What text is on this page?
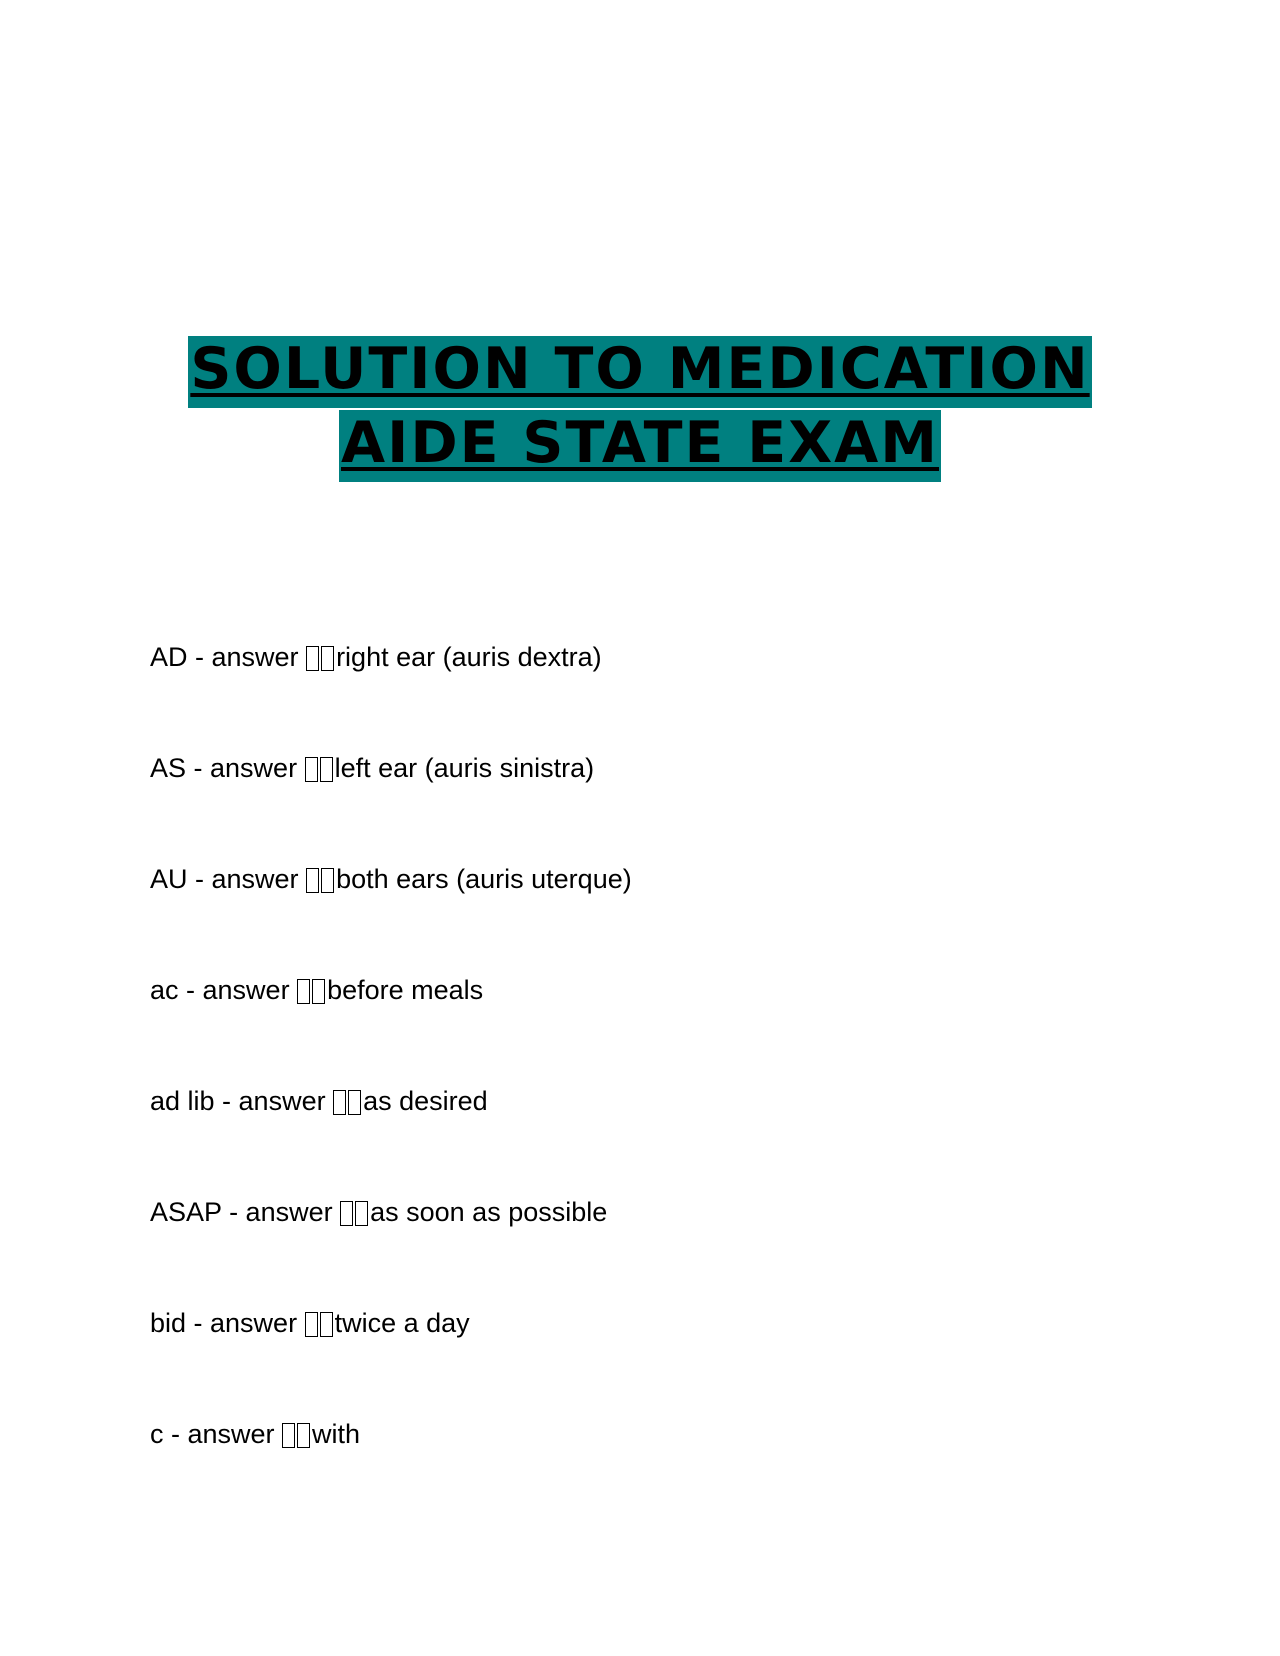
SOLUTION TO MEDICATION
AIDE STATE EXAM
AD - answer right ear (auris dextra)
AS - answer left ear (auris sinistra)
AU - answer both ears (auris uterque)
ac - answer before meals
ad lib - answer as desired
ASAP - answer as soon as possible
bid - answer twice a day
c - answer with
